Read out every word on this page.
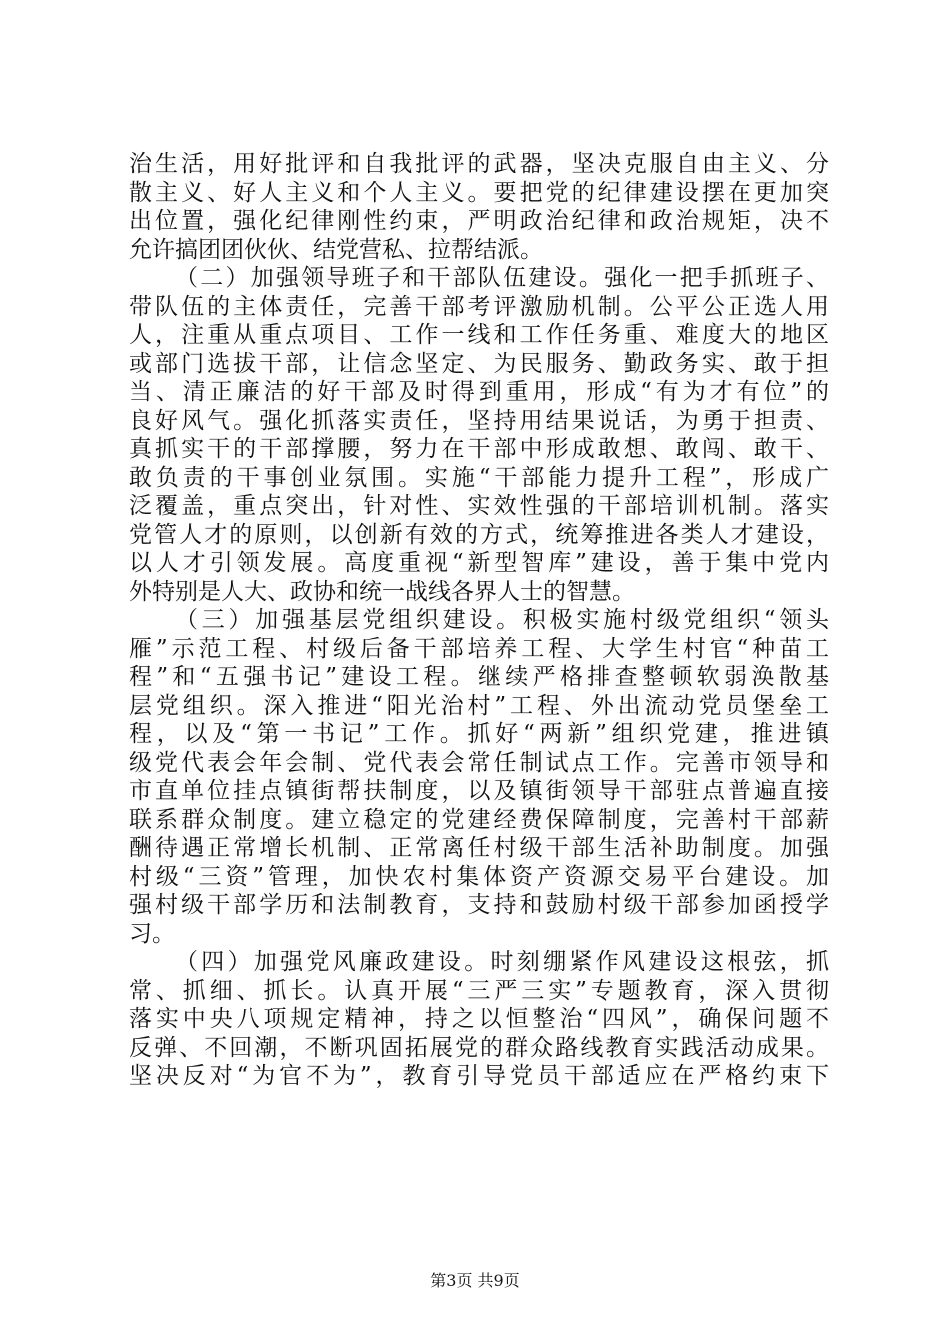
治生活，用好批评和自我批评的武器，坚决克服自由主义、分
散主义、好人主义和个人主义。要把党的纪律建设摆在更加突
出位置，强化纪律刚性约束，严明政治纪律和政治规矩，决不
允许搞团团伙伙、结党营私、拉帮结派。
（二）加强领导班子和干部队伍建设。强化一把手抓班子、
带队伍的主体责任，完善干部考评激励机制。公平公正选人用
人，注重从重点项目、工作一线和工作任务重、难度大的地区
或部门选拔干部，让信念坚定、为民服务、勤政务实、敢于担
当、清正廉洁的好干部及时得到重用，形成“有为才有位”的
良好风气。强化抓落实责任，坚持用结果说话，为勇于担责、
真抓实干的干部撑腰，努力在干部中形成敢想、敢闯、敢干、
敢负责的干事创业氛围。实施“干部能力提升工程”，形成广
泛覆盖，重点突出，针对性、实效性强的干部培训机制。落实
党管人才的原则，以创新有效的方式，统筹推进各类人才建设，
以人才引领发展。高度重视“新型智库”建设，善于集中党内
外特别是人大、政协和统一战线各界人士的智慧。
（三）加强基层党组织建设。积极实施村级党组织“领头
雁”示范工程、村级后备干部培养工程、大学生村官“种苗工
程”和“五强书记”建设工程。继续严格排查整顿软弱涣散基
层党组织。深入推进“阳光治村”工程、外出流动党员堡垒工
程，以及“第一书记”工作。抓好“两新”组织党建，推进镇
级党代表会年会制、党代表会常任制试点工作。完善市领导和
市直单位挂点镇街帮扶制度，以及镇街领导干部驻点普遍直接
联系群众制度。建立稳定的党建经费保障制度，完善村干部薪
酬待遇正常增长机制、正常离任村级干部生活补助制度。加强
村级“三资”管理，加快农村集体资产资源交易平台建设。加
强村级干部学历和法制教育，支持和鼓励村级干部参加函授学
习。
（四）加强党风廉政建设。时刻绷紧作风建设这根弦，抓
常、抓细、抓长。认真开展“三严三实”专题教育，深入贯彻
落实中央八项规定精神，持之以恒整治“四风”，确保问题不
反弹、不回潮，不断巩固拓展党的群众路线教育实践活动成果。
坚决反对“为官不为”，教育引导党员干部适应在严格约束下
第3页 共9页
